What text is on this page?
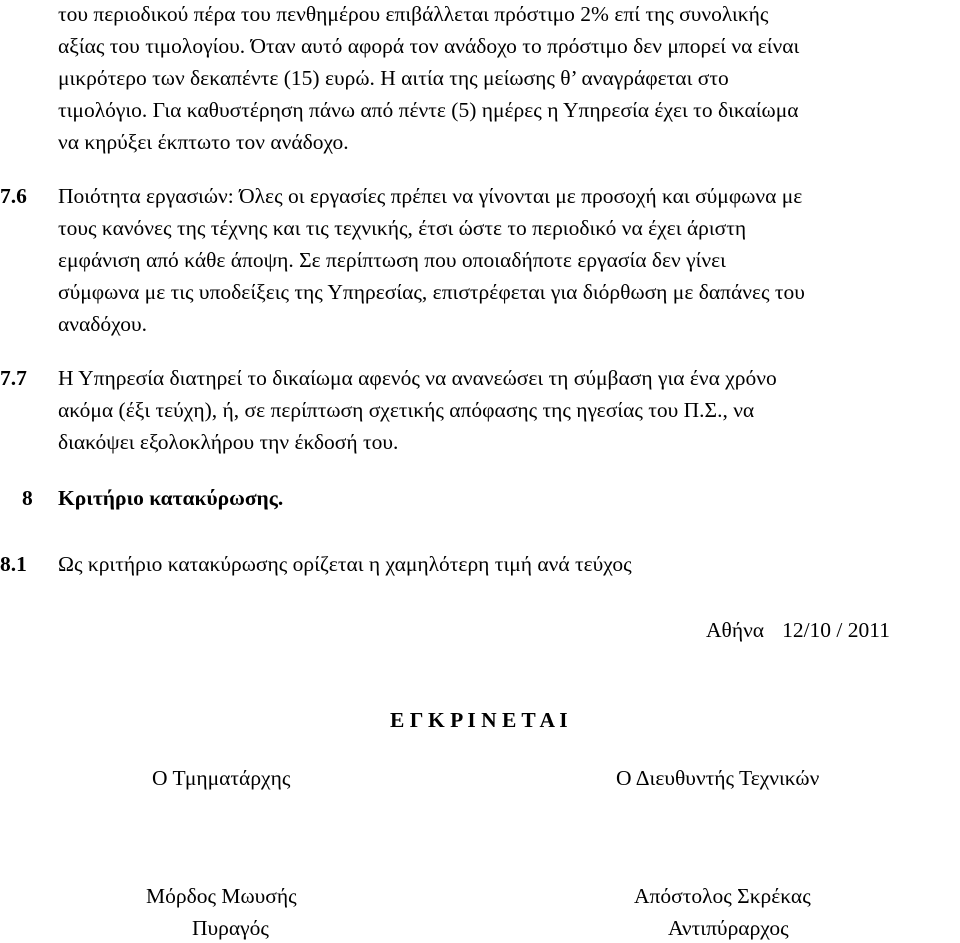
του περιοδικού πέρα του πενθημέρου επιβάλλεται πρόστιμο 2% επί της συνολικής
αξίας του τιμολογίου. Όταν αυτό αφορά τον ανάδοχο το πρόστιμο δεν μπορεί να είναι
μικρότερο των δεκαπέντε (15) ευρώ. Η αιτία της μείωσης θ’ αναγράφεται στο
τιμολόγιο. Για καθυστέρηση πάνω από πέντε (5) ημέρες η Υπηρεσία έχει το δικαίωμα
να κηρύξει έκπτωτο τον ανάδοχο.
7.6 Ποιότητα εργασιών: Όλες οι εργασίες πρέπει να γίνονται με προσοχή και σύμφωνα με
τους κανόνες της τέχνης και τις τεχνικής, έτσι ώστε το περιοδικό να έχει άριστη
εμφάνιση από κάθε άποψη. Σε περίπτωση που οποιαδήποτε εργασία δεν γίνει
σύμφωνα με τις υποδείξεις της Υπηρεσίας, επιστρέφεται για διόρθωση με δαπάνες του
αναδόχου.
7.7 Η Υπηρεσία διατηρεί το δικαίωμα αφενός να ανανεώσει τη σύμβαση για ένα χρόνο
ακόμα (έξι τεύχη), ή, σε περίπτωση σχετικής απόφασης της ηγεσίας του Π.Σ., να
διακόψει εξολοκλήρου την έκδοσή του.
8 Κριτήριο κατακύρωσης.
8.1 Ως κριτήριο κατακύρωσης ορίζεται η χαμηλότερη τιμή ανά τεύχος
Αθήνα 12/10 / 2011
Ε Γ Κ Ρ Ι Ν Ε Τ Α Ι
Ο Τμηματάρχης
Μόρδος Μωυσής
Πυραγός
Ο Διευθυντής Τεχνικών
Απόστολος Σκρέκας
Αντιπύραρχος
